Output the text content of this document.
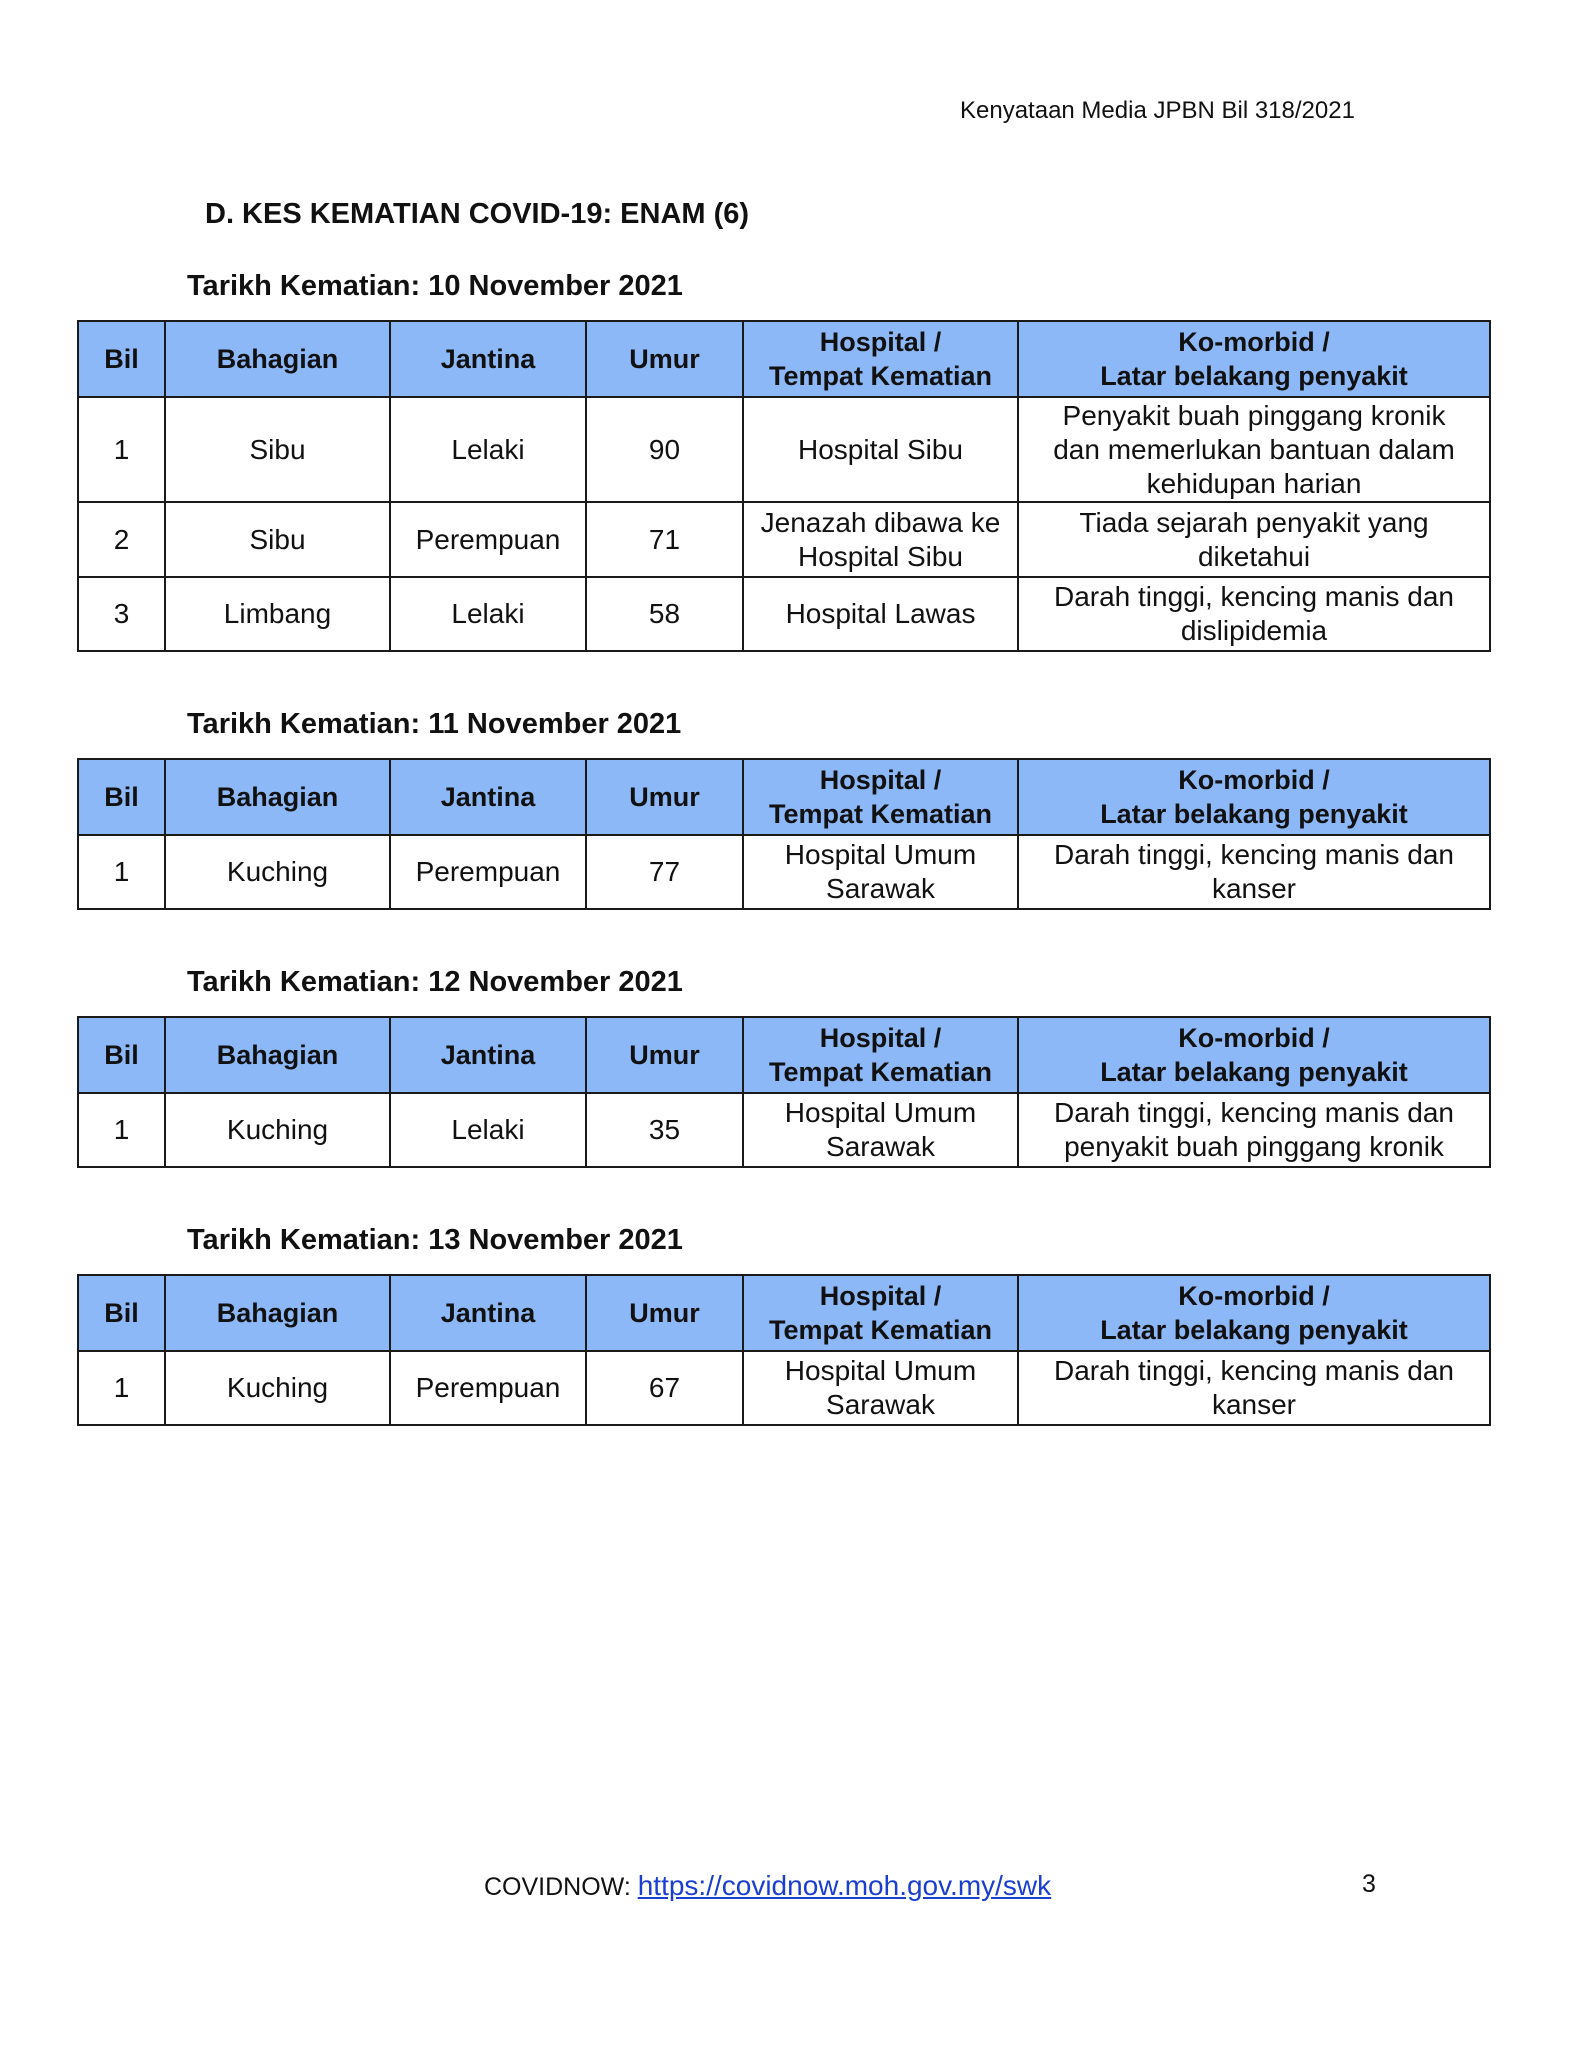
Kenyataan Media JPBN Bil 318/2021
D. KES KEMATIAN COVID-19: ENAM (6)
Tarikh Kematian: 10 November 2021
Bil	Bahagian	Jantina	Umur	Hospital /
Tempat Kematian	Ko-morbid /
Latar belakang penyakit
1	Sibu	Lelaki	90	Hospital Sibu	Penyakit buah pinggang kronik
dan memerlukan bantuan dalam
kehidupan harian
2	Sibu	Perempuan	71	Jenazah dibawa ke
Hospital Sibu	Tiada sejarah penyakit yang
diketahui
3	Limbang	Lelaki	58	Hospital Lawas	Darah tinggi, kencing manis dan
dislipidemia
Tarikh Kematian: 11 November 2021
Bil	Bahagian	Jantina	Umur	Hospital /
Tempat Kematian	Ko-morbid /
Latar belakang penyakit
1	Kuching	Perempuan	77	Hospital Umum
Sarawak	Darah tinggi, kencing manis dan
kanser
Tarikh Kematian: 12 November 2021
Bil	Bahagian	Jantina	Umur	Hospital /
Tempat Kematian	Ko-morbid /
Latar belakang penyakit
1	Kuching	Lelaki	35	Hospital Umum
Sarawak	Darah tinggi, kencing manis dan
penyakit buah pinggang kronik
Tarikh Kematian: 13 November 2021
Bil	Bahagian	Jantina	Umur	Hospital /
Tempat Kematian	Ko-morbid /
Latar belakang penyakit
1	Kuching	Perempuan	67	Hospital Umum
Sarawak	Darah tinggi, kencing manis dan
kanser
COVIDNOW: https://covidnow.moh.gov.my/swk	3
